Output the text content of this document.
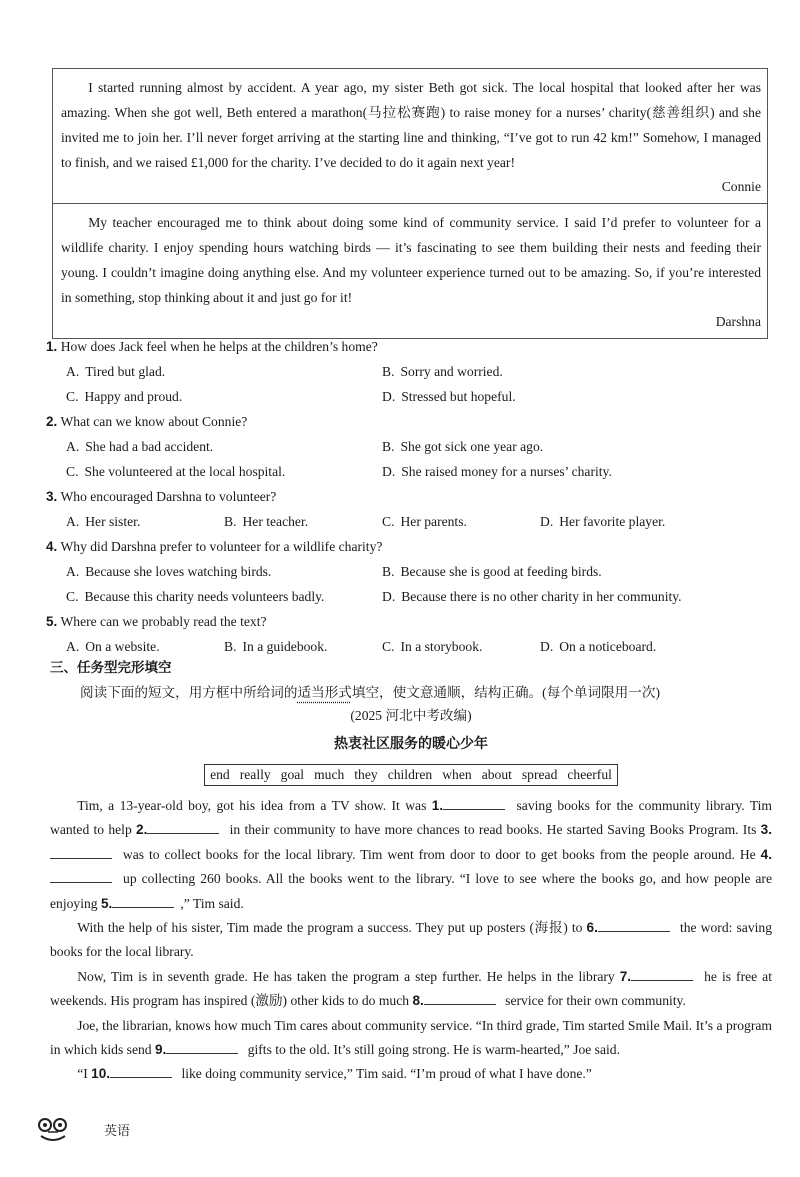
I started running almost by accident. A year ago, my sister Beth got sick. The local hospital that looked after her was amazing. When she got well, Beth entered a marathon(马拉松赛跑) to raise money for a nurses’ charity(慈善组织) and she invited me to join her. I’ll never forget arriving at the starting line and thinking, “I’ve got to run 42 km!” Somehow, I managed to finish, and we raised £1,000 for the charity. I’ve decided to do it again next year!

Connie

My teacher encouraged me to think about doing some kind of community service. I said I’d prefer to volunteer for a wildlife charity. I enjoy spending hours watching birds — it’s fascinating to see them building their nests and feeding their young. I couldn’t imagine doing anything else. And my volunteer experience turned out to be amazing. So, if you’re interested in something, stop thinking about it and just go for it!

Darshna
1. How does Jack feel when he helps at the children’s home?
A. Tired but glad.	B. Sorry and worried.
C. Happy and proud.	D. Stressed but hopeful.
2. What can we know about Connie?
A. She had a bad accident.	B. She got sick one year ago.
C. She volunteered at the local hospital.	D. She raised money for a nurses’ charity.
3. Who encouraged Darshna to volunteer?
A. Her sister.	B. Her teacher.	C. Her parents.	D. Her favorite player.
4. Why did Darshna prefer to volunteer for a wildlife charity?
A. Because she loves watching birds.	B. Because she is good at feeding birds.
C. Because this charity needs volunteers badly.	D. Because there is no other charity in her community.
5. Where can we probably read the text?
A. On a website.	B. In a guidebook.	C. In a storybook.	D. On a noticeboard.
三、任务型完形填空
阅读下面的短文，用方框中所给词的适当形式填空，使文意通顺，结构正确。(每个单词限用一次)
(2025 河北中考改编)
热衷社区服务的暖心少年
end really goal much they children when about spread cheerful

Tim, a 13-year-old boy, got his idea from a TV show. It was 1.	saving books for the community library. Tim wanted to help 2.	in their community to have more chances to read books. He started Saving Books Program. Its 3. was to collect books for the local library. Tim went from door to door to get books from the people around. He 4. up collecting 260 books. All the books went to the library. “I love to see where the books go, and how people are enjoying 5.	,” Tim said.

With the help of his sister, Tim made the program a success. They put up posters (海报) to 6.	the word: saving books for the local library.

Now, Tim is in seventh grade. He has taken the program a step further. He helps in the library 7.	he is free at weekends. His program has inspired (激励) other kids to do much 8.	service for their own community.

Joe, the librarian, knows how much Tim cares about community service. “In third grade, Tim started Smile Mail. It’s a program in which kids send 9.	gifts to the old. It’s still going strong. He is warm-hearted,” Joe said.

“I 10.	like doing community service,” Tim said. “I’m proud of what I have done.”

英语
